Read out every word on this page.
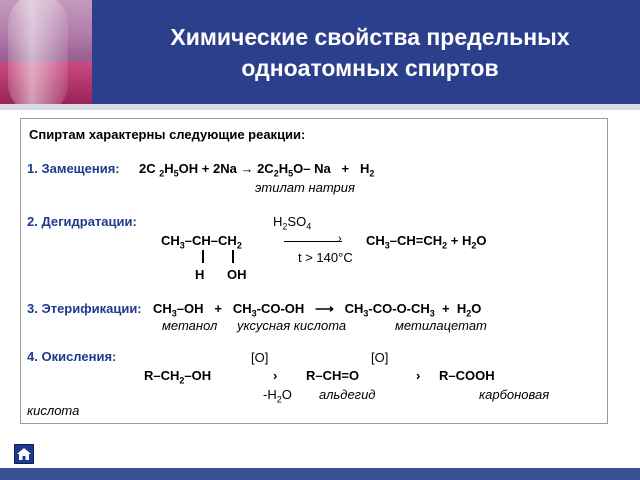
Химические свойства предельных
одноатомных спиртов
Спиртам характерны следующие реакции:
1. Замещения: 2C $_2H_5OH + 2Na \to 2C_2H_5O-$ $Na + H_2$
этилат натрия
2. Дегидратации:	$H_2SO_4$
$CH_3-CH-CH_2$
› $CH_3-CH=CH_2 + H_2O$
t > 140°C
H OH
3. Этерификации: $CH_3-OH + CH_3-CO-OH$ ⟶ $CH_3-CO-O-CH_3 + H_2O$
метанол уксусная кислота	метилацетат
4. Окисления:	[O]	[O]
$R-CH_2-OH$	› R–CH=O	› R–COOH
$-H_2O$ альдегид	карбоновая
кислота
